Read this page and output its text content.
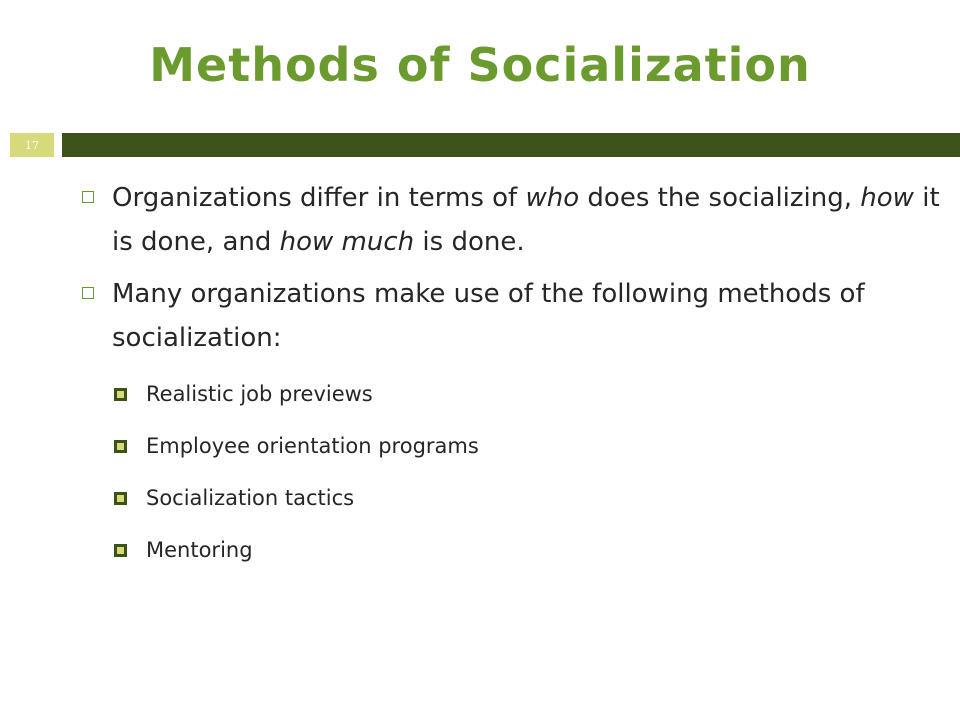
Methods of Socialization
17
Organizations differ in terms of who does the socializing, how it is done, and how much is done.
Many organizations make use of the following methods of socialization:
Realistic job previews
Employee orientation programs
Socialization tactics
Mentoring
